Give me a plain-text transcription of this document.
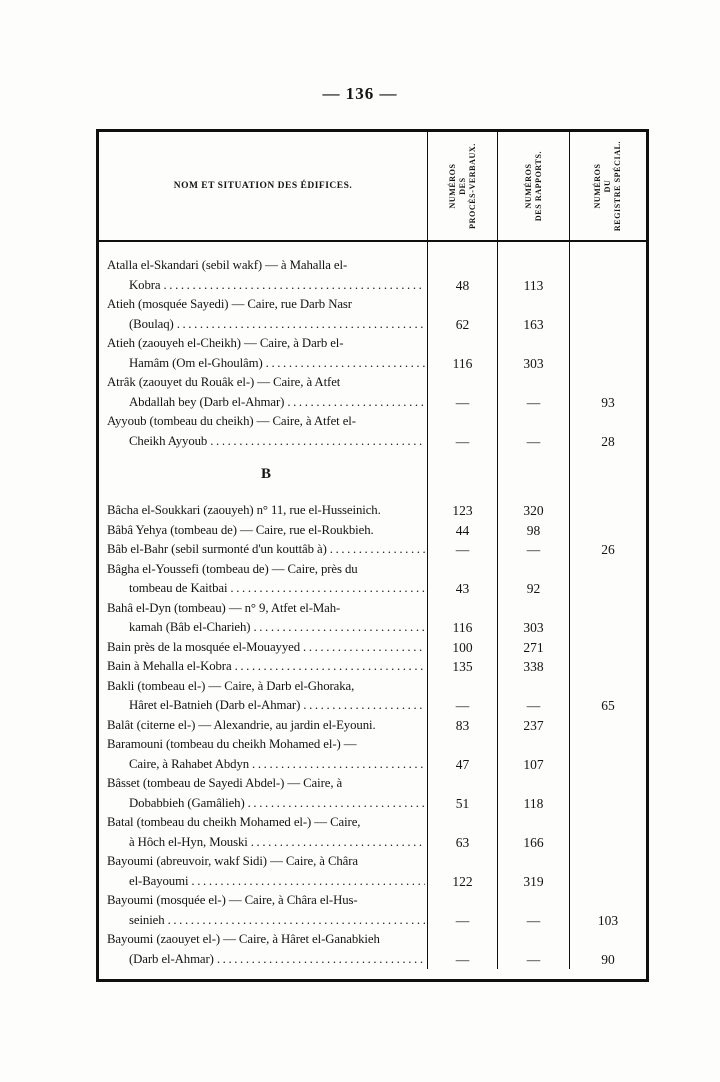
— 136 —
NOM ET SITUATION DES ÉDIFICES.	NUMÉROS DES PROCÈS-VERBAUX.	NUMÉROS DES RAPPORTS.	NUMÉROS DU REGISTRE SPÉCIAL.
Atalla el-Skandari (sebil wakf) — à Mahalla el-
Kobra .....	48	113
Atieh (mosquée Sayedi) — Caire, rue Darb Nasr
(Boulaq) .....	62	163
Atieh (zaouyeh el-Cheikh) — Caire, à Darb el-
Hamâm (Om el-Ghoulâm) .....	116	303
Atrâk (zaouyet du Rouâk el-) — Caire, à Atfet
Abdallah bey (Darb el-Ahmar) .....	—	—	93
Ayyoub (tombeau du cheikh) — Caire, à Atfet el-
Cheikh Ayyoub .....	—	—	28
B
Bâcha el-Soukkari (zaouyeh) n° 11, rue el-Husseinich.	123	320
Bâbâ Yehya (tombeau de) — Caire, rue el-Roukbieh.	44	98
Bâb el-Bahr (sebil surmonté d'un kouttâb à) .....	—	—	26
Bâgha el-Youssefi (tombeau de) — Caire, près du
tombeau de Kaitbai .....	43	92
Bahâ el-Dyn (tombeau) — n° 9, Atfet el-Mah-
kamah (Bâb el-Charieh) .....	116	303
Bain près de la mosquée el-Mouayyed .....	100	271
Bain à Mehalla el-Kobra .....	135	338
Bakli (tombeau el-) — Caire, à Darb el-Ghoraka,
Hâret el-Batnieh (Darb el-Ahmar) .....	—	—	65
Balât (citerne el-) — Alexandrie, au jardin el-Eyouni.	83	237
Baramouni (tombeau du cheikh Mohamed el-) —
Caire, à Rahabet Abdyn .....	47	107
Bâsset (tombeau de Sayedi Abdel-) — Caire, à
Dobabbieh (Gamâlieh) .....	51	118
Batal (tombeau du cheikh Mohamed el-) — Caire,
à Hôch el-Hyn, Mouski .....	63	166
Bayoumi (abreuvoir, wakf Sidi) — Caire, à Châra
el-Bayoumi .....	122	319
Bayoumi (mosquée el-) — Caire, à Châra el-Hus-
seinieh .....	—	—	103
Bayoumi (zaouyet el-) — Caire, à Hâret el-Ganabkieh
(Darb el-Ahmar) .....	—	—	90
